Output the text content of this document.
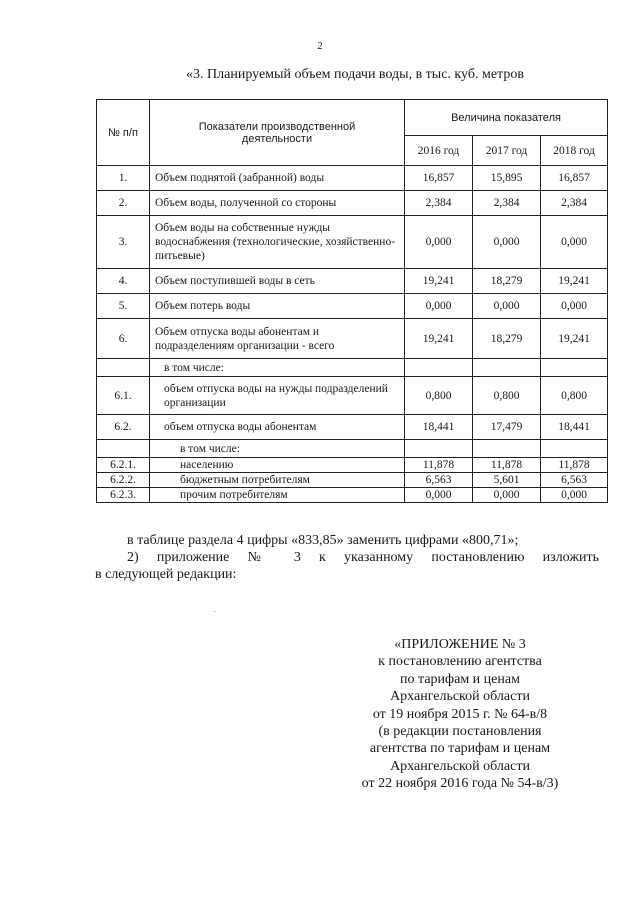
2
«3. Планируемый объем подачи воды, в тыс. куб. метров
№ п/п	Показатели производственной деятельности	Величина показателя		
		2016 год	2017 год	2018 год
1.	Объем поднятой (забранной) воды	16,857	15,895	16,857
2.	Объем воды, полученной со стороны	2,384	2,384	2,384
3.	Объем воды на собственные нужды водоснабжения (технологические, хозяйственно-питьевые)	0,000	0,000	0,000
4.	Объем поступившей воды в сеть	19,241	18,279	19,241
5.	Объем потерь воды	0,000	0,000	0,000
6.	Объем отпуска воды абонентам и подразделениям организации - всего	19,241	18,279	19,241
	в том числе:			
6.1.	объем отпуска воды на нужды подразделений организации	0,800	0,800	0,800
6.2.	объем отпуска воды абонентам	18,441	17,479	18,441
	в том числе:			
6.2.1.	населению	11,878	11,878	11,878
6.2.2.	бюджетным потребителям	6,563	5,601	6,563
6.2.3.	прочим потребителям	0,000	0,000	0,000
в таблице раздела 4 цифры «833,85» заменить цифрами «800,71»;
2) приложение № 3 к указанному постановлению изложить
в следующей редакции:
«ПРИЛОЖЕНИЕ № 3
к постановлению агентства
по тарифам и ценам
Архангельской области
от 19 ноября 2015 г. № 64-в/8
(в редакции постановления
агентства по тарифам и ценам
Архангельской области
от 22 ноября 2016 года № 54-в/3)
